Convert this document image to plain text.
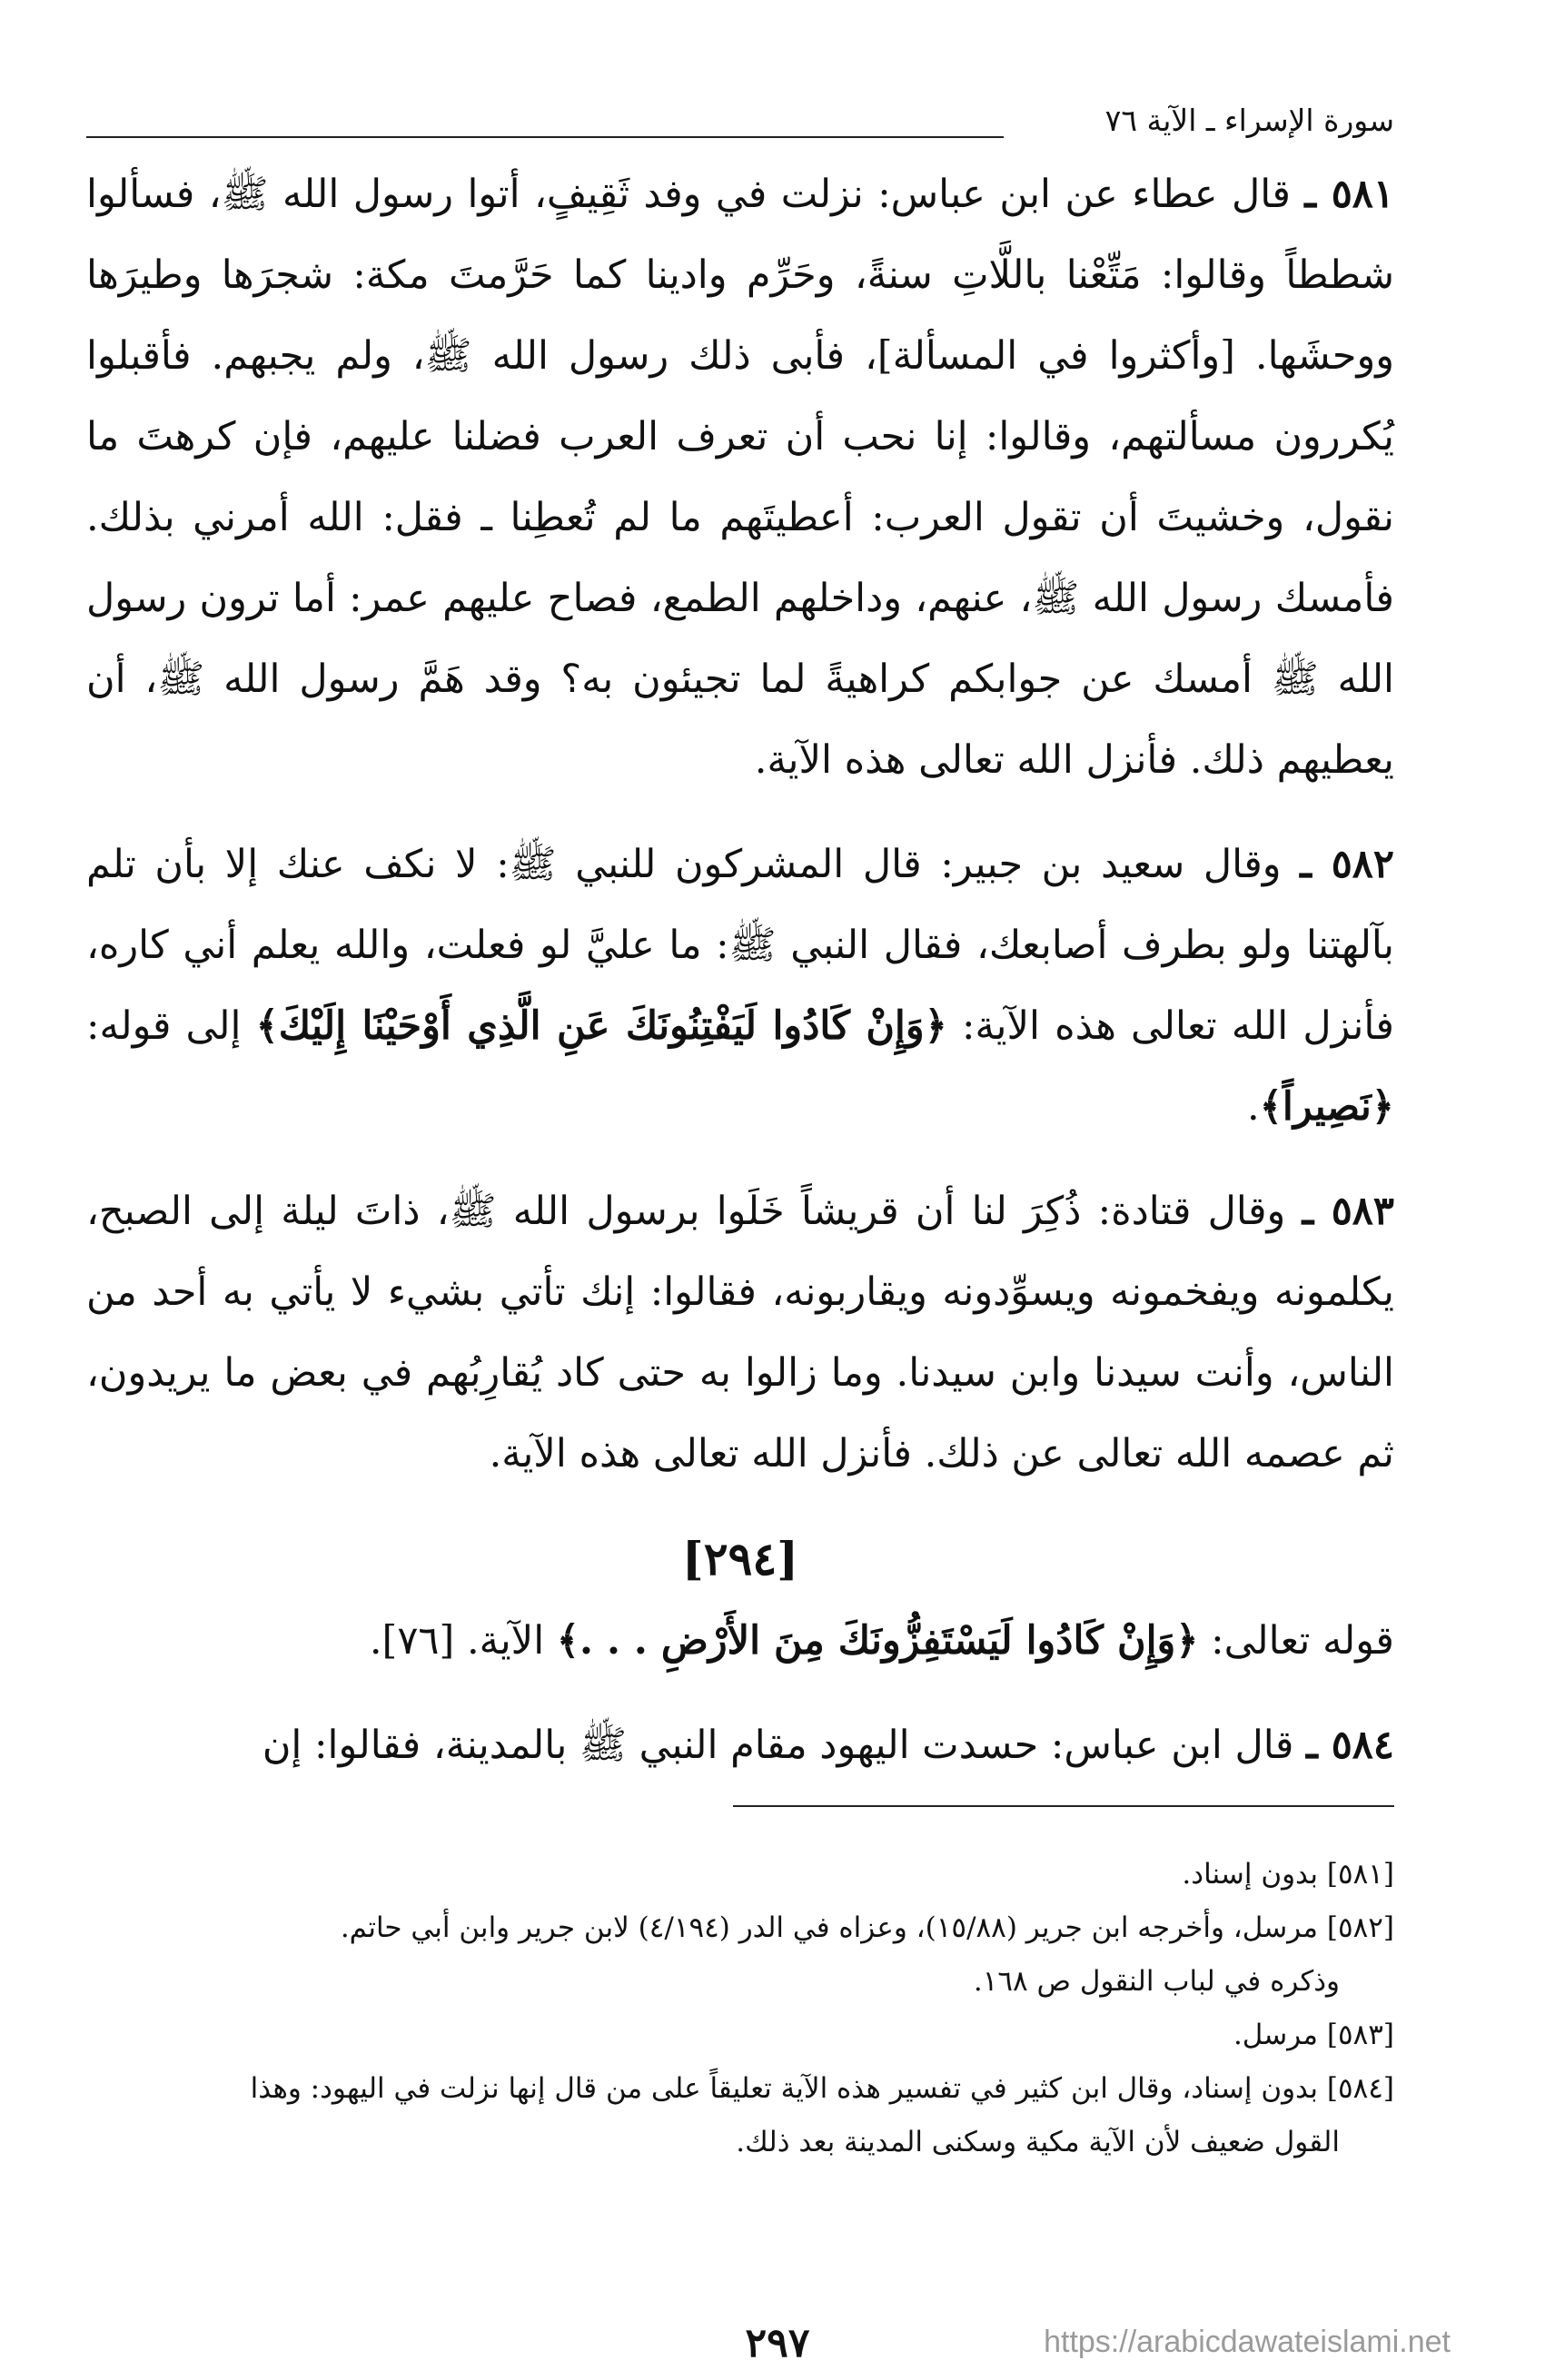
سورة الإسراء ـ الآية ٧٦

٥٨١ ـ قال عطاء عن ابن عباس: نزلت في وفد ثَقِيفٍ، أتوا رسول الله ﷺ، فسألوا شططاً وقالوا: مَتِّعْنا باللَّاتِ سنةً، وحَرِّم وادينا كما حَرَّمتَ مكة: شجرَها وطيرَها ووحشَها. [وأكثروا في المسألة]، فأبى ذلك رسول الله ﷺ، ولم يجبهم. فأقبلوا يُكررون مسألتهم، وقالوا: إنا نحب أن تعرف العرب فضلنا عليهم، فإن كرهتَ ما نقول، وخشيتَ أن تقول العرب: أعطيتَهم ما لم تُعطِنا ـ فقل: الله أمرني بذلك. فأمسك رسول الله ﷺ، عنهم، وداخلهم الطمع، فصاح عليهم عمر: أما ترون رسول الله ﷺ أمسك عن جوابكم كراهيةً لما تجيئون به؟ وقد هَمَّ رسول الله ﷺ، أن يعطيهم ذلك. فأنزل الله تعالى هذه الآية.

٥٨٢ ـ وقال سعيد بن جبير: قال المشركون للنبي ﷺ: لا نكف عنك إلا بأن تلم بآلهتنا ولو بطرف أصابعك، فقال النبي ﷺ: ما عليَّ لو فعلت، والله يعلم أني كاره، فأنزل الله تعالى هذه الآية: ﴿وَإِنْ كَادُوا لَيَفْتِنُونَكَ عَنِ الَّذِي أَوْحَيْنَا إِلَيْكَ﴾ إلى قوله: ﴿نَصِيراً﴾.

٥٨٣ ـ وقال قتادة: ذُكِرَ لنا أن قريشاً خَلَوا برسول الله ﷺ، ذاتَ ليلة إلى الصبح، يكلمونه ويفخمونه ويسوِّدونه ويقاربونه، فقالوا: إنك تأتي بشيء لا يأتي به أحد من الناس، وأنت سيدنا وابن سيدنا. وما زالوا به حتى كاد يُقارِبُهم في بعض ما يريدون، ثم عصمه الله تعالى عن ذلك. فأنزل الله تعالى هذه الآية.

[٢٩٤]

قوله تعالى: ﴿وَإِنْ كَادُوا لَيَسْتَفِزُّونَكَ مِنَ الأَرْضِ . . .﴾ الآية. [٧٦].

٥٨٤ ـ قال ابن عباس: حسدت اليهود مقام النبي ﷺ بالمدينة، فقالوا: إن

[٥٨١] بدون إسناد.

[٥٨٢] مرسل، وأخرجه ابن جرير (١٥/٨٨)، وعزاه في الدر (٤/١٩٤) لابن جرير وابن أبي حاتم.

وذكره في لباب النقول ص ١٦٨.

[٥٨٣] مرسل.

[٥٨٤] بدون إسناد، وقال ابن كثير في تفسير هذه الآية تعليقاً على من قال إنها نزلت في اليهود: وهذا

القول ضعيف لأن الآية مكية وسكنى المدينة بعد ذلك.

٢٩٧	https://arabicdawateislami.net
